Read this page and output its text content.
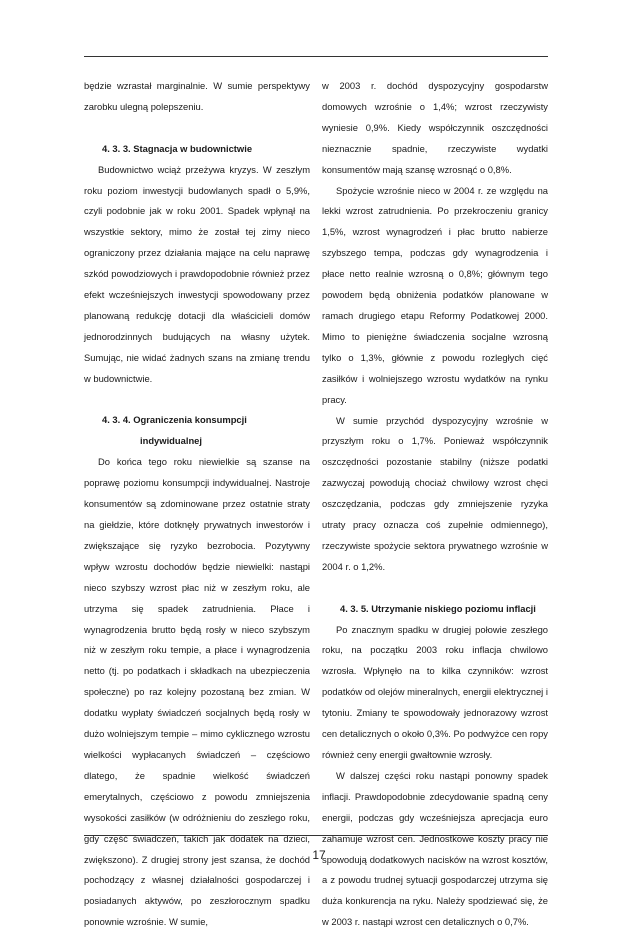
będzie wzrastał marginalnie. W sumie perspektywy zarobku ulegną polepszeniu.

4. 3. 3. Stagnacja w budownictwie

Budownictwo wciąż przeżywa kryzys. W zeszłym roku poziom inwestycji budowlanych spadł o 5,9%, czyli podobnie jak w roku 2001. Spadek wpłynął na wszystkie sektory, mimo że został tej zimy nieco ograniczony przez działania mające na celu naprawę szkód powodziowych i prawdopodobnie również przez efekt wcześniejszych inwestycji spowodowany przez planowaną redukcję dotacji dla właścicieli domów jednorodzinnych budujących na własny użytek. Sumując, nie widać żadnych szans na zmianę trendu w budownictwie.

4. 3. 4. Ograniczenia konsumpcji
indywidualnej

Do końca tego roku niewielkie są szanse na poprawę poziomu konsumpcji indywidualnej. Nastroje konsumentów są zdominowane przez ostatnie straty na giełdzie, które dotknęły prywatnych inwestorów i zwiększające się ryzyko bezrobocia. Pozytywny wpływ wzrostu dochodów będzie niewielki: nastąpi nieco szybszy wzrost płac niż w zeszłym roku, ale utrzyma się spadek zatrudnienia. Płace i wynagrodzenia brutto będą rosły w nieco szybszym niż w zeszłym roku tempie, a płace i wynagrodzenia netto (tj. po podatkach i składkach na ubezpieczenia społeczne) po raz kolejny pozostaną bez zmian. W dodatku wypłaty świadczeń socjalnych będą rosły w dużo wolniejszym tempie – mimo cyklicznego wzrostu wielkości wypłacanych świadczeń – częściowo dlatego, że spadnie wielkość świadczeń emerytalnych, częściowo z powodu zmniejszenia wysokości zasiłków (w odróżnieniu do zeszłego roku, gdy część świadczeń, takich jak dodatek na dzieci, zwiększono). Z drugiej strony jest szansa, że dochód pochodzący z własnej działalności gospodarczej i posiadanych aktywów, po zeszłorocznym spadku ponownie wzrośnie. W sumie,

w 2003 r. dochód dyspozycyjny gospodarstw domowych wzrośnie o 1,4%; wzrost rzeczywisty wyniesie 0,9%. Kiedy współczynnik oszczędności nieznacznie spadnie, rzeczywiste wydatki konsumentów mają szansę wzrosnąć o 0,8%.

Spożycie wzrośnie nieco w 2004 r. ze względu na lekki wzrost zatrudnienia. Po przekroczeniu granicy 1,5%, wzrost wynagrodzeń i płac brutto nabierze szybszego tempa, podczas gdy wynagrodzenia i płace netto realnie wzrosną o 0,8%; głównym tego powodem będą obniżenia podatków planowane w ramach drugiego etapu Reformy Podatkowej 2000. Mimo to pieniężne świadczenia socjalne wzrosną tylko o 1,3%, głównie z powodu rozległych cięć zasiłków i wolniejszego wzrostu wydatków na rynku pracy.

W sumie przychód dyspozycyjny wzrośnie w przyszłym roku o 1,7%. Ponieważ współczynnik oszczędności pozostanie stabilny (niższe podatki zazwyczaj powodują chociaż chwilowy wzrost chęci oszczędzania, podczas gdy zmniejszenie ryzyka utraty pracy oznacza coś zupełnie odmiennego), rzeczywiste spożycie sektora prywatnego wzrośnie w 2004 r. o 1,2%.

4. 3. 5. Utrzymanie niskiego poziomu inflacji

Po znacznym spadku w drugiej połowie zeszłego roku, na początku 2003 roku inflacja chwilowo wzrosła. Wpłynęło na to kilka czynników: wzrost podatków od olejów mineralnych, energii elektrycznej i tytoniu. Zmiany te spowodowały jednorazowy wzrost cen detalicznych o około 0,3%. Po podwyżce cen ropy również ceny energii gwałtownie wzrosły.

W dalszej części roku nastąpi ponowny spadek inflacji. Prawdopodobnie zdecydowanie spadną ceny energii, podczas gdy wcześniejsza aprecjacja euro zahamuje wzrost cen. Jednostkowe koszty pracy nie spowodują dodatkowych nacisków na wzrost kosztów, a z powodu trudnej sytuacji gospodarczej utrzyma się duża konkurencja na ryku. Należy spodziewać się, że w 2003 r. nastąpi wzrost cen detalicznych o 0,7%.

17
